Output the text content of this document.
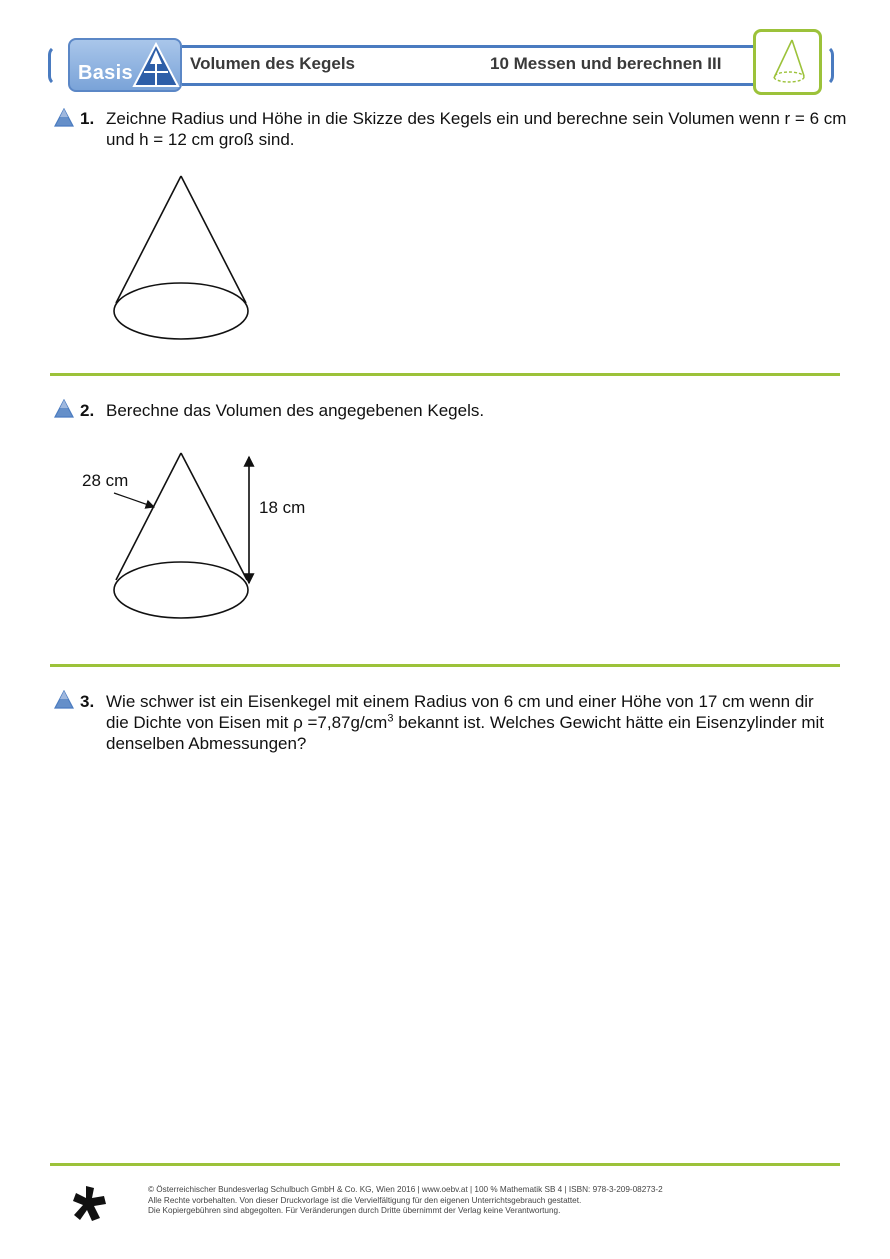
Basis	Volumen des Kegels	10 Messen und berechnen III
1. Zeichne Radius und Höhe in die Skizze des Kegels ein und berechne sein Volumen wenn r = 6 cm und h = 12 cm groß sind.
2. Berechne das Volumen des angegebenen Kegels.
28 cm
18 cm
3. Wie schwer ist ein Eisenkegel mit einem Radius von 6 cm und einer Höhe von 17 cm wenn dir die Dichte von Eisen mit $\rho =7,87g/cm^3$ bekannt ist. Welches Gewicht hätte ein Eisenzylinder mit denselben Abmessungen?
© Österreichischer Bundesverlag Schulbuch GmbH & Co. KG, Wien 2016 | www.oebv.at | 100 % Mathematik SB 4 | ISBN: 978-3-209-08273-2
Alle Rechte vorbehalten. Von dieser Druckvorlage ist die Vervielfältigung für den eigenen Unterrichtsgebrauch gestattet.
Die Kopiergebühren sind abgegolten. Für Veränderungen durch Dritte übernimmt der Verlag keine Verantwortung.
